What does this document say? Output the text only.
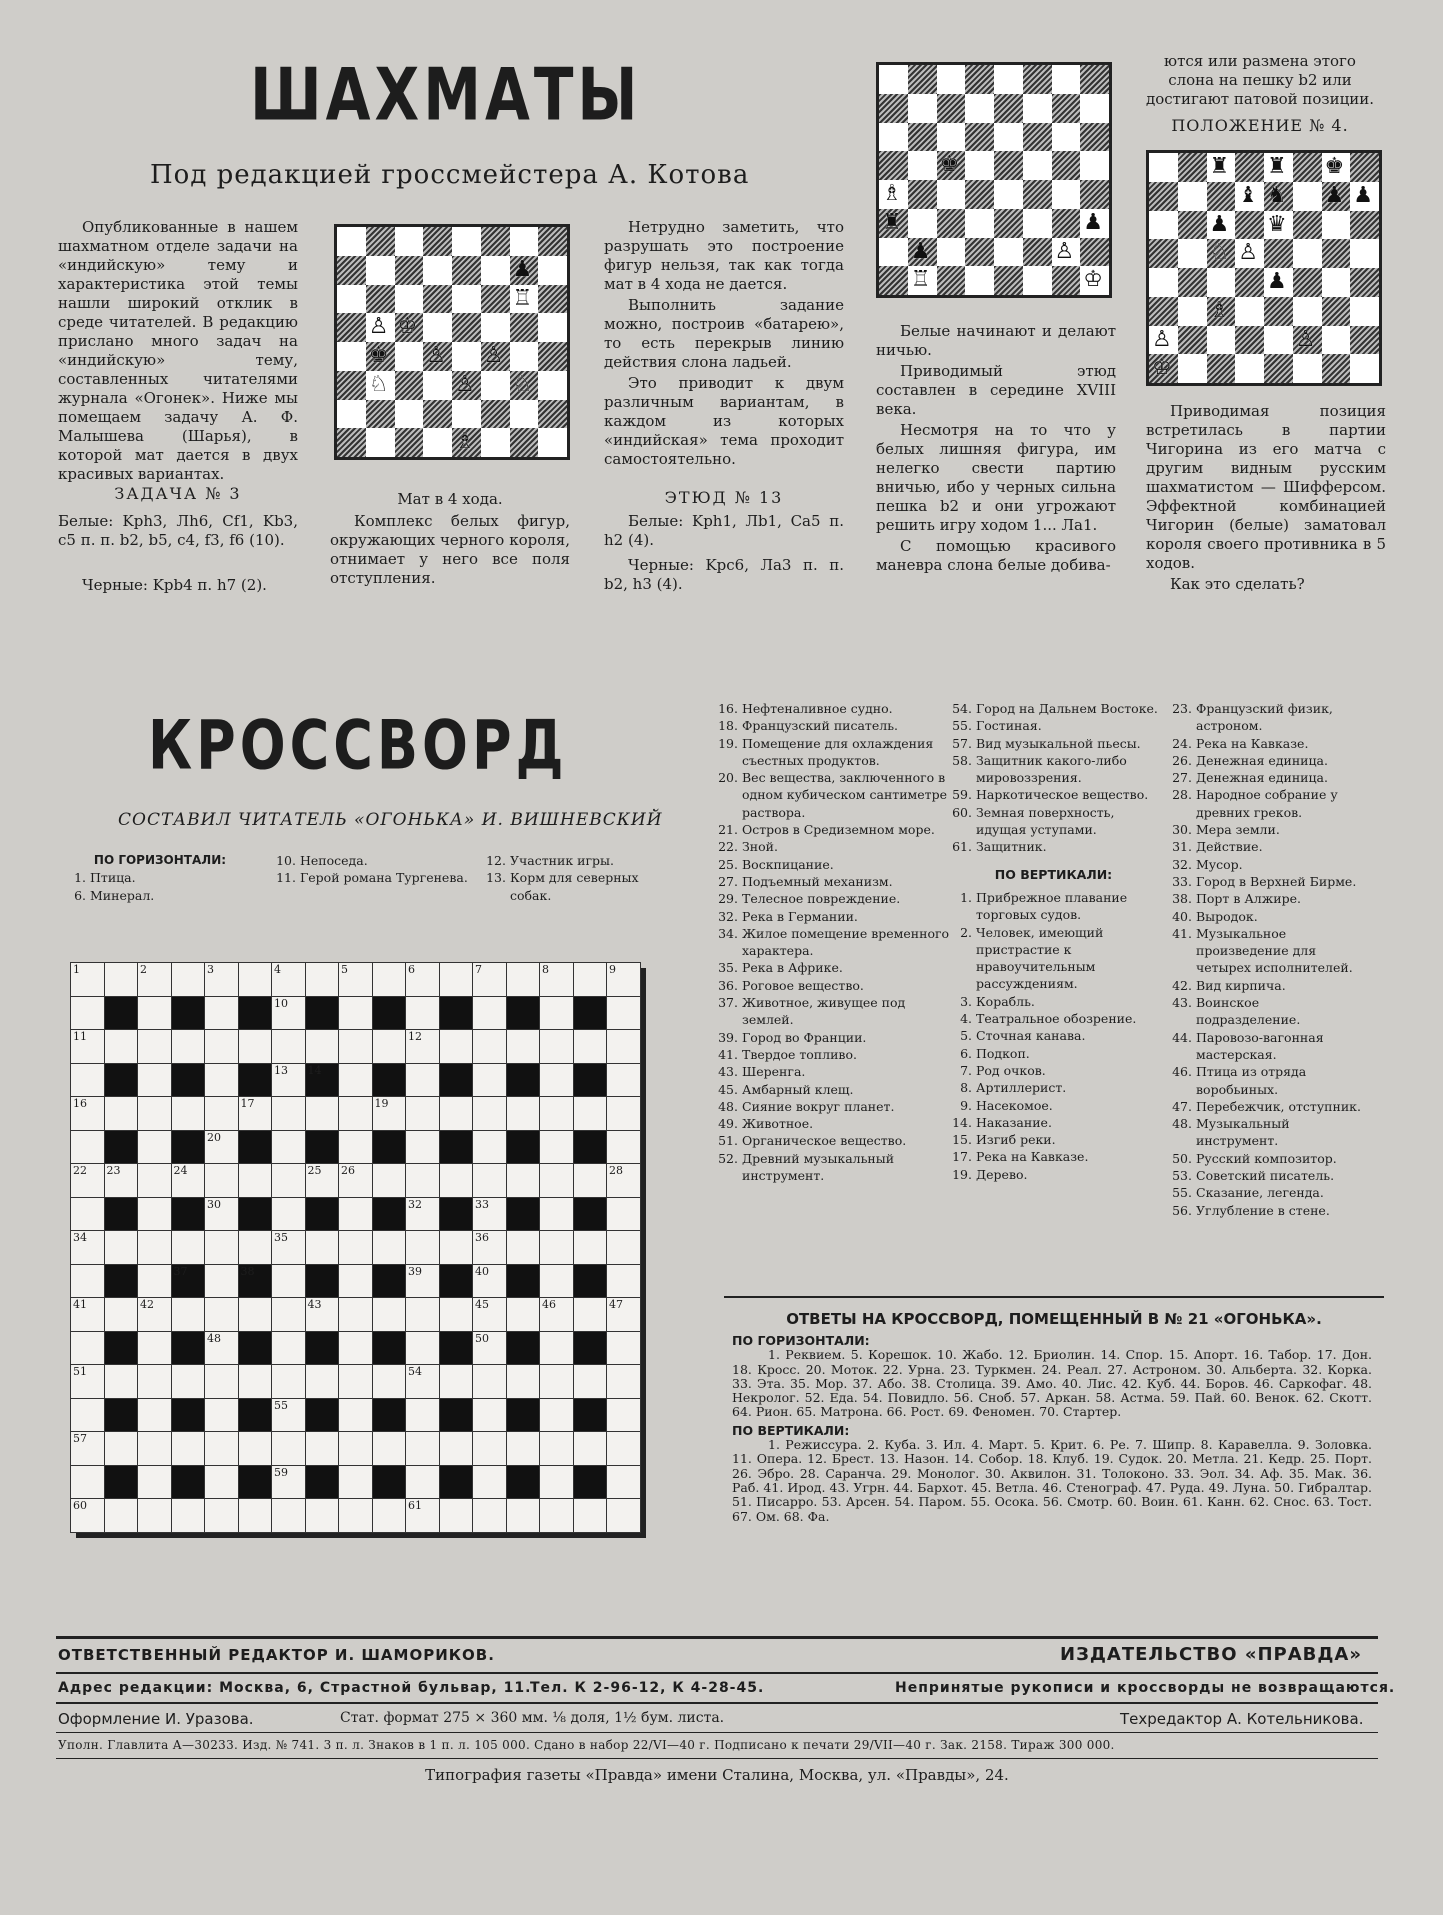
ШАХМАТЫ
Под редакцией гроссмейстера А. Котова

Опубликованные в нашем шахматном отделе задачи на «индийскую» тему и характеристика этой темы нашли широкий отклик в среде читателей. В редакцию прислано много задач на «индийскую» тему, составленных читателями журнала «Огонек». Ниже мы помещаем задачу А. Ф. Малышева (Шарья), в которой мат дается в двух красивых вариантах.

ЗАДАЧА № 3
Белые: Kph3, Лh6, Cf1, Kb3, c5 п. п. b2, b5, c4, f3, f6 (10).

Черные: Kpb4 п. h7 (2).

♟
♖
♙ ♔
♚ ♙ ♙
♘	♙ ♘
♗
Мат в 4 хода.

Комплекс белых фигур, окружающих черного короля, отнимает у него все поля отступления.

Нетрудно заметить, что разрушать это построение фигур нельзя, так как тогда мат в 4 хода не дается.

Выполнить задание можно, построив «батарею», то есть перекрыв линию действия слона ладьей.

Это приводит к двум различным вариантам, в каждом из которых «индийская» тема проходит самостоятельно.

ЭТЮД № 13

Белые: Kph1, Лb1, Ca5 п. h2 (4).

Черные: Kpc6, Лa3 п. п. b2, h3 (4).

♚
♗
♜
♟	♙
♖
♟
♔

Белые начинают и делают ничью.

Приводимый этюд составлен в середине XVIII века.

Несмотря на то что у белых лишняя фигура, им нелегко свести партию вничью, ибо у черных сильна пешка b2 и они угрожают решить игру ходом 1... Лa1.

С помощью красивого маневра слона белые добива-

ются или размена этого слона на пешку b2 или достигают патовой позиции.
ПОЛОЖЕНИЕ № 4.
♜ ♜ ♚
♝ ♞ ♟ ♟
♟ ♛
♘ ♙
♟
♗
♙	♙
♔

Приводимая позиция встретилась в партии Чигорина из его матча с другим видным русским шахматистом — Шифферсом. Эффектной комбинацией Чигорин (белые) заматовал короля своего противника в 5 ходов.

Как это сделать?

КРОССВОРД
СОСТАВИЛ ЧИТАТЕЛЬ «ОГОНЬКА» И. ВИШНЕВСКИЙ
ПО ГОРИЗОНТАЛИ:
1. Птица.
6. Минерал.
10. Непоседа.
11. Герой романа Тургенева.
12. Участник игры.
13. Корм для северных собак.
1	2	3	4	5	6	7	8	9
10
11	12
13 14
16	17	19
20
22 23	24	25 26	28
30	32	33
34	35	36
37	38	39	40
41	42	43	45	46	47
48	50
51	54
55
57
59
60	61
16. Нефтеналивное судно.
18. Французский писатель.
19. Помещение для охлаждения съестных продуктов.
20. Вес вещества, заключенного в одном кубическом сантиметре раствора.
21. Остров в Средиземном море.
22. Зной.
25. Воскпицание.
27. Подъемный механизм.
29. Телесное повреждение.
32. Река в Германии.
34. Жилое помещение временного характера.
35. Река в Африке.
36. Роговое вещество.
37. Животное, живущее под землей.
39. Город во Франции.
41. Твердое топливо.
43. Шеренга.
45. Амбарный клещ.
48. Сияние вокруг планет.
49. Животное.
51. Органическое вещество.
52. Древний музыкальный инструмент.
54. Город на Дальнем Востоке.
55. Гостиная.
57. Вид музыкальной пьесы.
58. Защитник какого-либо мировоззрения.
59. Наркотическое вещество.
60. Земная поверхность, идущая уступами.
61. Защитник.
ПО ВЕРТИКАЛИ:
1. Прибрежное плавание торговых судов.
2. Человек, имеющий пристрастие к нравоучительным рассуждениям.
3. Корабль.
4. Театральное обозрение.
5. Сточная канава.
6. Подкоп.
7. Род очков.
8. Артиллерист.
9. Насекомое.
14. Наказание.
15. Изгиб реки.
17. Река на Кавказе.
19. Дерево.
23. Французский физик, астроном.
24. Река на Кавказе.
26. Денежная единица.
27. Денежная единица.
28. Народное собрание у древних греков.
30. Мера земли.
31. Действие.
32. Мусор.
33. Город в Верхней Бирме.
38. Порт в Алжире.
40. Выродок.
41. Музыкальное произведение для четырех исполнителей.
42. Вид кирпича.
43. Воинское подразделение.
44. Паровозо-вагонная мастерская.
46. Птица из отряда воробьиных.
47. Перебежчик, отступник.
48. Музыкальный инструмент.
50. Русский композитор.
53. Советский писатель.
55. Сказание, легенда.
56. Углубление в стене.
ОТВЕТЫ НА КРОССВОРД, ПОМЕЩЕННЫЙ В № 21 «ОГОНЬКА».
ПО ГОРИЗОНТАЛИ:
1. Реквием. 5. Корешок. 10. Жабо. 12. Бриолин. 14. Спор. 15. Апорт. 16. Табор. 17. Дон. 18. Кросс. 20. Моток. 22. Урна. 23. Туркмен. 24. Реал. 27. Астроном. 30. Альберта. 32. Корка. 33. Эта. 35. Мор. 37. Або. 38. Столица. 39. Амо. 40. Лис. 42. Куб. 44. Боров. 46. Саркофаг. 48. Некролог. 52. Еда. 54. Повидло. 56. Сноб. 57. Аркан. 58. Астма. 59. Пай. 60. Венок. 62. Скотт. 64. Рион. 65. Матрона. 66. Рост. 69. Феномен. 70. Стартер.
ПО ВЕРТИКАЛИ:
1. Режиссура. 2. Куба. 3. Ил. 4. Март. 5. Крит. 6. Ре. 7. Шипр. 8. Каравелла. 9. Золовка. 11. Опера. 12. Брест. 13. Назон. 14. Собор. 18. Клуб. 19. Судок. 20. Метла. 21. Кедр. 25. Порт. 26. Эбро. 28. Саранча. 29. Монолог. 30. Аквилон. 31. Толоконо. 33. Эол. 34. Аф. 35. Мак. 36. Раб. 41. Ирод. 43. Угрн. 44. Бархот. 45. Ветла. 46. Стенограф. 47. Руда. 49. Луна. 50. Гибралтар. 51. Писарро. 53. Арсен. 54. Паром. 55. Осока. 56. Смотр. 60. Воин. 61. Канн. 62. Снос. 63. Тост. 67. Ом. 68. Фа.
ОТВЕТСТВЕННЫЙ РЕДАКТОР И. ШАМОРИКОВ.	ИЗДАТЕЛЬСТВО «ПРАВДА»
Адрес редакции: Москва, 6, Страстной бульвар, 11.
Тел. К 2-96-12, К 4-28-45.	Непринятые рукописи и кроссворды не возвращаются.
Оформление И. Уразова.	Стат. формат 275 × 360 мм. ⅛ доля, 1½ бум. листа.	Техредактор А. Котельникова.
Уполн. Главлита А—30233. Изд. № 741. 3 п. л. Знаков в 1 п. л. 105 000. Сдано в набор 22/VI—40 г. Подписано к печати 29/VII—40 г. Зак. 2158. Тираж 300 000.
Типография газеты «Правда» имени Сталина, Москва, ул. «Правды», 24.
